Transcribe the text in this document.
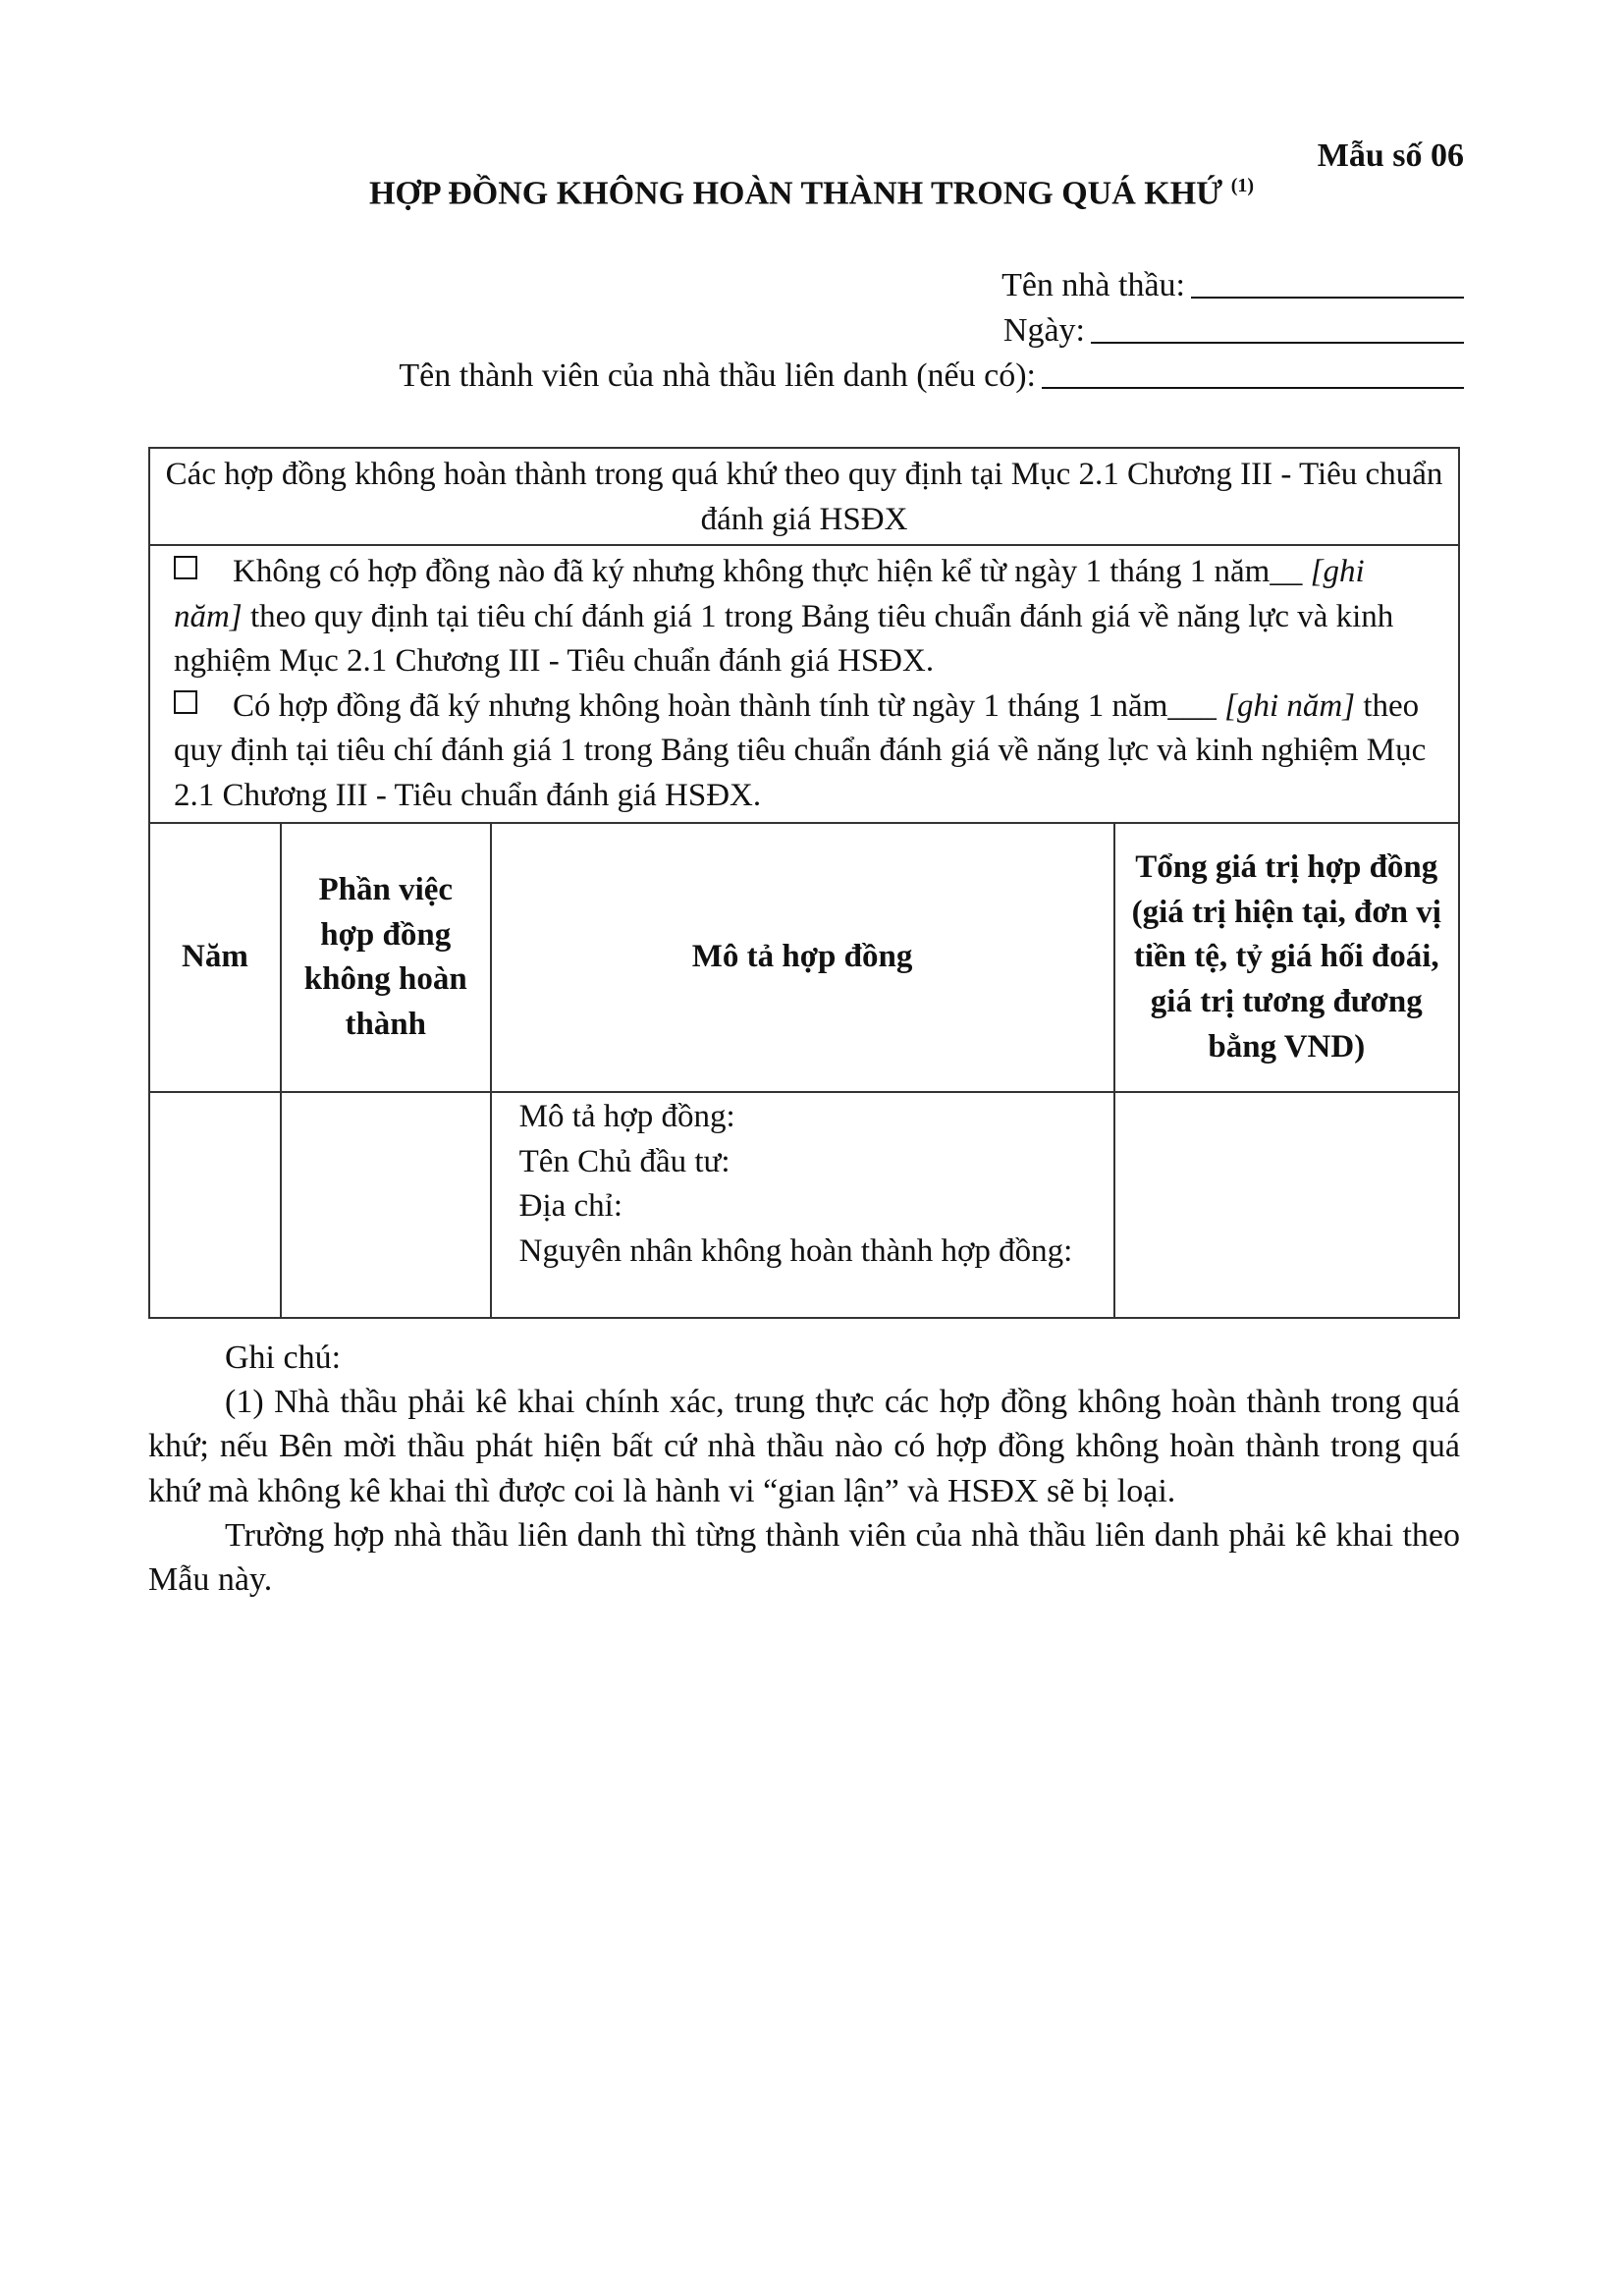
Mẫu số 06
HỢP ĐỒNG KHÔNG HOÀN THÀNH TRONG QUÁ KHỨ $^{(1)}$
Tên nhà thầu:
Ngày:
Tên thành viên của nhà thầu liên danh (nếu có):
Các hợp đồng không hoàn thành trong quá khứ theo quy định tại Mục 2.1 Chương III - Tiêu chuẩn đánh giá HSĐX			

Không có hợp đồng nào đã ký nhưng không thực hiện kể từ ngày 1 tháng 1 năm__ [ghi năm] theo quy định tại tiêu chí đánh giá 1 trong Bảng tiêu chuẩn đánh giá về năng lực và kinh nghiệm Mục 2.1 Chương III - Tiêu chuẩn đánh giá HSĐX.
Có hợp đồng đã ký nhưng không hoàn thành tính từ ngày 1 tháng 1 năm___ [ghi năm] theo quy định tại tiêu chí đánh giá 1 trong Bảng tiêu chuẩn đánh giá về năng lực và kinh nghiệm Mục 2.1 Chương III - Tiêu chuẩn đánh giá HSĐX.			

Năm	Phần việc hợp đồng không hoàn thành	Mô tả hợp đồng	Tổng giá trị hợp đồng (giá trị hiện tại, đơn vị tiền tệ, tỷ giá hối đoái, giá trị tương đương bằng VND)

		Mô tả hợp đồng:
Tên Chủ đầu tư:
Địa chỉ:
Nguyên nhân không hoàn thành hợp đồng:	

Ghi chú:

(1) Nhà thầu phải kê khai chính xác, trung thực các hợp đồng không hoàn thành trong quá khứ; nếu Bên mời thầu phát hiện bất cứ nhà thầu nào có hợp đồng không hoàn thành trong quá khứ mà không kê khai thì được coi là hành vi “gian lận” và HSĐX sẽ bị loại.

Trường hợp nhà thầu liên danh thì từng thành viên của nhà thầu liên danh phải kê khai theo Mẫu này.
